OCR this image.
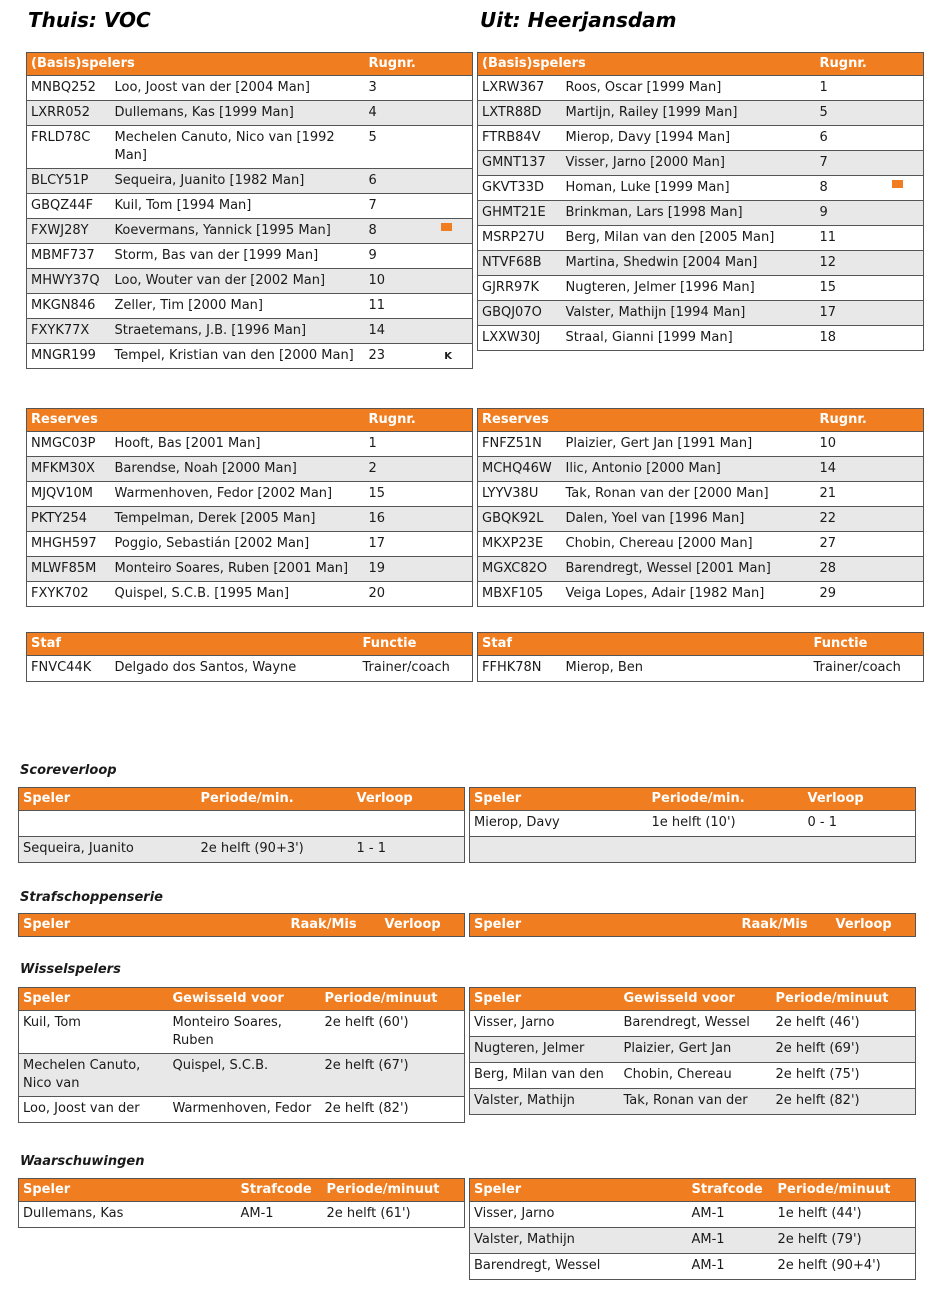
Thuis: VOC	Uit: Heerjansdam
(Basis)spelers		Rugnr.
MNBQ252	Loo, Joost van der [2004 Man]	3
LXRR052	Dullemans, Kas [1999 Man]	4
FRLD78C	Mechelen Canuto, Nico van [1992 Man]	5
BLCY51P	Sequeira, Juanito [1982 Man]	6
GBQZ44F	Kuil, Tom [1994 Man]	7
FXWJ28Y	Koevermans, Yannick [1995 Man]	8

MBMF737	Storm, Bas van der [1999 Man]	9
MHWY37Q	Loo, Wouter van der [2002 Man]	10
MKGN846	Zeller, Tim [2000 Man]	11
FXYK77X	Straetemans, J.B. [1996 Man]	14
MNGR199	Tempel, Kristian van den [2000 Man]	23 K
(Basis)spelers		Rugnr.
LXRW367	Roos, Oscar [1999 Man]	1
LXTR88D	Martijn, Railey [1999 Man]	5
FTRB84V	Mierop, Davy [1994 Man]	6
GMNT137	Visser, Jarno [2000 Man]	7
GKVT33D	Homan, Luke [1999 Man]	8

GHMT21E	Brinkman, Lars [1998 Man]	9
MSRP27U	Berg, Milan van den [2005 Man]	11
NTVF68B	Martina, Shedwin [2004 Man]	12
GJRR97K	Nugteren, Jelmer [1996 Man]	15
GBQJ07O	Valster, Mathijn [1994 Man]	17
LXXW30J	Straal, Gianni [1999 Man]	18
Reserves		Rugnr.
NMGC03P	Hooft, Bas [2001 Man]	1
MFKM30X	Barendse, Noah [2000 Man]	2
MJQV10M	Warmenhoven, Fedor [2002 Man]	15
PKTY254	Tempelman, Derek [2005 Man]	16
MHGH597	Poggio, Sebastián [2002 Man]	17
MLWF85M	Monteiro Soares, Ruben [2001 Man]	19
FXYK702	Quispel, S.C.B. [1995 Man]	20
Reserves		Rugnr.
FNFZ51N	Plaizier, Gert Jan [1991 Man]	10
MCHQ46W	Ilic, Antonio [2000 Man]	14
LYYV38U	Tak, Ronan van der [2000 Man]	21
GBQK92L	Dalen, Yoel van [1996 Man]	22
MKXP23E	Chobin, Chereau [2000 Man]	27
MGXC82O	Barendregt, Wessel [2001 Man]	28
MBXF105	Veiga Lopes, Adair [1982 Man]	29
Staf		Functie
FNVC44K	Delgado dos Santos, Wayne	Trainer/coach
Staf		Functie
FFHK78N	Mierop, Ben	Trainer/coach
Scoreverloop
Speler	Periode/min.	Verloop

Sequeira, Juanito	2e helft (90+3')	1 - 1
Speler	Periode/min.	Verloop
Mierop, Davy	1e helft (10')	0 - 1

Strafschoppenserie
Speler	Raak/Mis	Verloop	Speler	Raak/Mis	Verloop
Wisselspelers
Speler	Gewisseld voor	Periode/minuut
Kuil, Tom	Monteiro Soares, Ruben	2e helft (60')
Mechelen Canuto, Nico van	Quispel, S.C.B.	2e helft (67')
Loo, Joost van der	Warmenhoven, Fedor	2e helft (82')
Speler	Gewisseld voor	Periode/minuut
Visser, Jarno	Barendregt, Wessel	2e helft (46')
Nugteren, Jelmer	Plaizier, Gert Jan	2e helft (69')
Berg, Milan van den	Chobin, Chereau	2e helft (75')
Valster, Mathijn	Tak, Ronan van der	2e helft (82')
Waarschuwingen
Speler	Strafcode	Periode/minuut
Dullemans, Kas	AM-1	2e helft (61')
Speler	Strafcode	Periode/minuut
Visser, Jarno	AM-1	1e helft (44')
Valster, Mathijn	AM-1	2e helft (79')
Barendregt, Wessel	AM-1	2e helft (90+4')
